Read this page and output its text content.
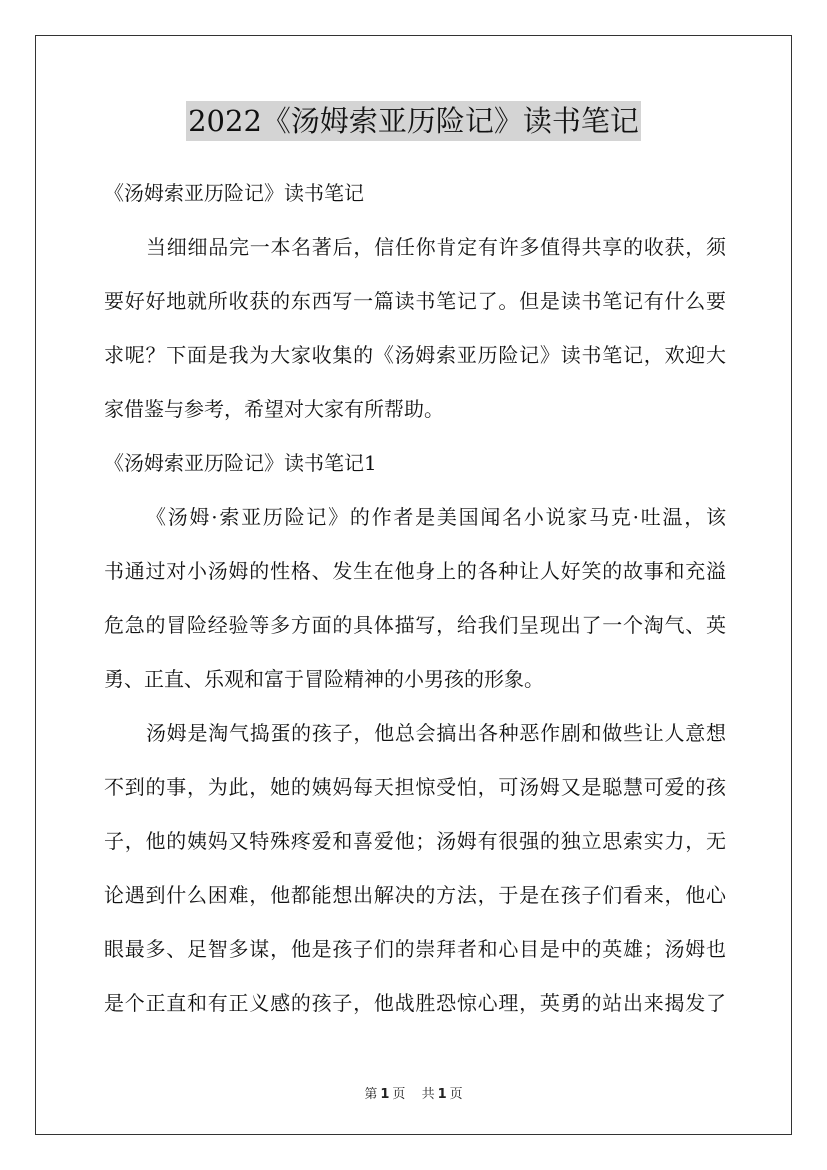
2022《汤姆索亚历险记》读书笔记
《汤姆索亚历险记》读书笔记
当细细品完一本名著后，信任你肯定有许多值得共享的收获，须
要好好地就所收获的东西写一篇读书笔记了。但是读书笔记有什么要
求呢？下面是我为大家收集的《汤姆索亚历险记》读书笔记，欢迎大
家借鉴与参考，希望对大家有所帮助。
《汤姆索亚历险记》读书笔记1
《汤姆·索亚历险记》的作者是美国闻名小说家马克·吐温，该
书通过对小汤姆的性格、发生在他身上的各种让人好笑的故事和充溢
危急的冒险经验等多方面的具体描写，给我们呈现出了一个淘气、英
勇、正直、乐观和富于冒险精神的小男孩的形象。
汤姆是淘气捣蛋的孩子，他总会搞出各种恶作剧和做些让人意想
不到的事，为此，她的姨妈每天担惊受怕，可汤姆又是聪慧可爱的孩
子，他的姨妈又特殊疼爱和喜爱他；汤姆有很强的独立思索实力，无
论遇到什么困难，他都能想出解决的方法，于是在孩子们看来，他心
眼最多、足智多谋，他是孩子们的崇拜者和心目是中的英雄；汤姆也
是个正直和有正义感的孩子，他战胜恐惊心理，英勇的站出来揭发了
第 1 页 共 1 页
